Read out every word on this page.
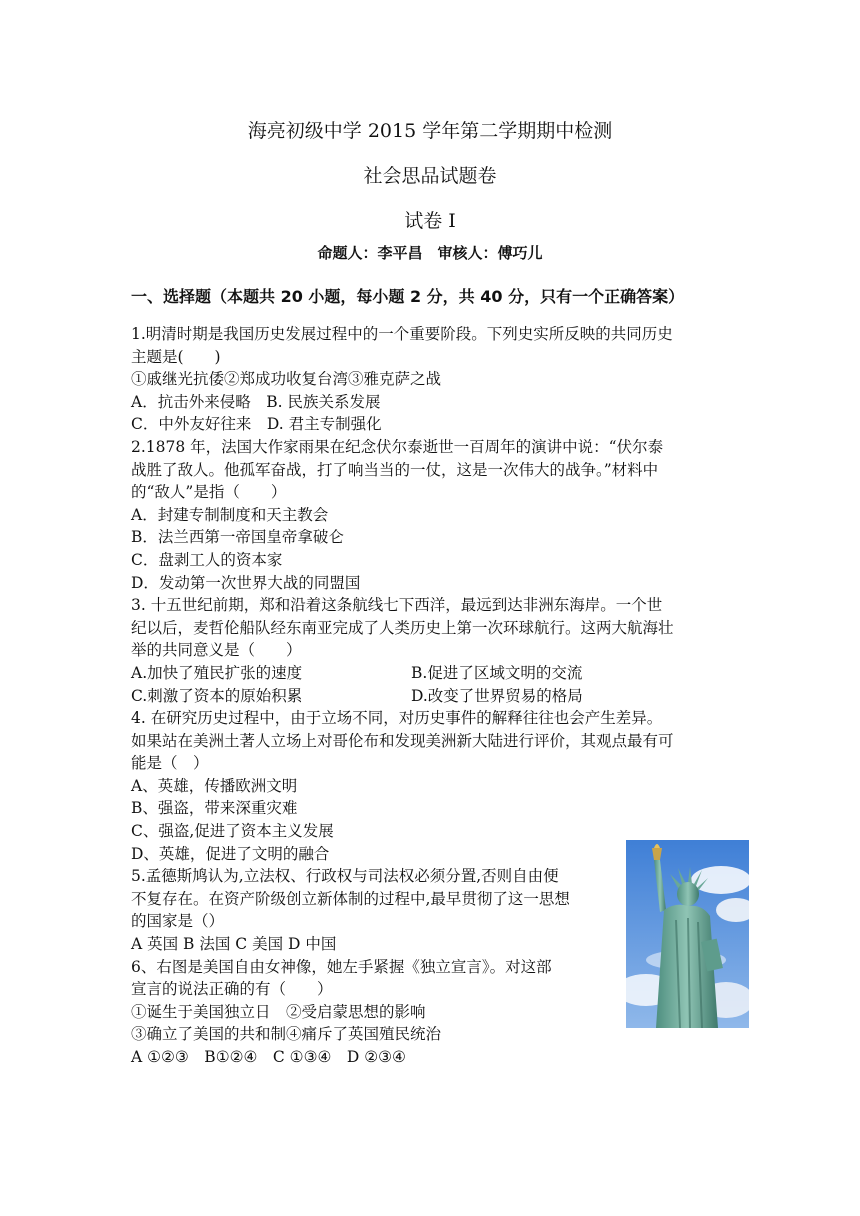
海亮初级中学 2015 学年第二学期期中检测
社会思品试题卷
试卷 I
命题人：李平昌　审核人：傅巧儿
一、选择题（本题共 20 小题，每小题 2 分，共 40 分，只有一个正确答案）
1.明清时期是我国历史发展过程中的一个重要阶段。下列史实所反映的共同历史
主题是(　　)
①戚继光抗倭②郑成功收复台湾③雅克萨之战
A．抗击外来侵略　B. 民族关系发展
C．中外友好往来　D. 君主专制强化
2.1878 年，法国大作家雨果在纪念伏尔泰逝世一百周年的演讲中说：“伏尔泰
战胜了敌人。他孤军奋战，打了响当当的一仗，这是一次伟大的战争。”材料中
的“敌人”是指（　　）
A．封建专制制度和天主教会
B．法兰西第一帝国皇帝拿破仑
C．盘剥工人的资本家
D．发动第一次世界大战的同盟国
3. 十五世纪前期，郑和沿着这条航线七下西洋，最远到达非洲东海岸。一个世
纪以后，麦哲伦船队经东南亚完成了人类历史上第一次环球航行。这两大航海壮
举的共同意义是（　　）
A.加快了殖民扩张的速度	B.促进了区域文明的交流
C.刺激了资本的原始积累	D.改变了世界贸易的格局
4. 在研究历史过程中，由于立场不同，对历史事件的解释往往也会产生差异。
如果站在美洲土著人立场上对哥伦布和发现美洲新大陆进行评价，其观点最有可
能是（　）
A、英雄，传播欧洲文明
B、强盗，带来深重灾难
C、强盗,促进了资本主义发展
D、英雄，促进了文明的融合
5.孟德斯鸠认为,立法权、行政权与司法权必须分置,否则自由便
不复存在。在资产阶级创立新体制的过程中,最早贯彻了这一思想
的国家是（）
A 英国 B 法国 C 美国 D 中国
6、右图是美国自由女神像，她左手紧握《独立宣言》。对这部
宣言的说法正确的有（　　）
①诞生于美国独立日　②受启蒙思想的影响
③确立了美国的共和制④痛斥了英国殖民统治
A ①②③　B①②④　C ①③④　D ②③④
